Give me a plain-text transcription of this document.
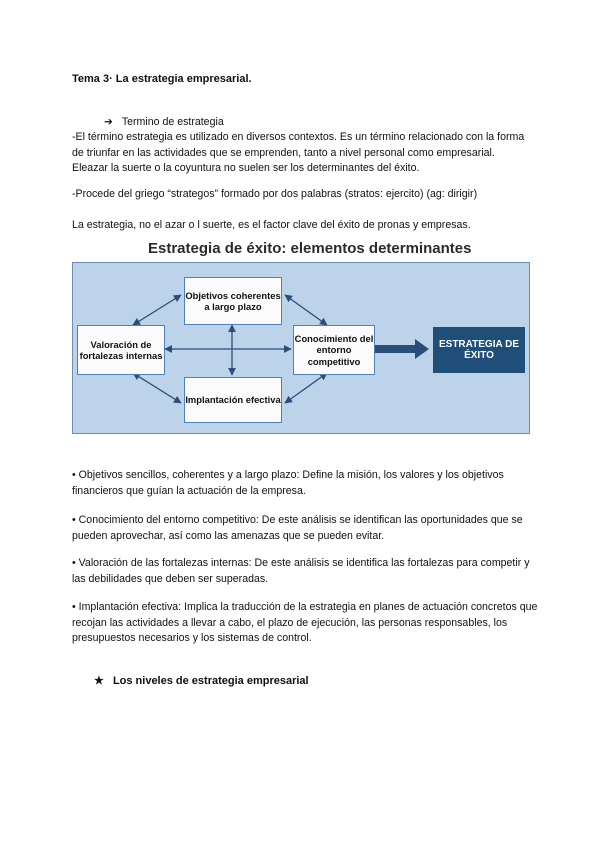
Tema 3· La estrategia empresarial.
➔ Termino de estrategia
-El término estrategia es utilizado en diversos contextos. Es un término relacionado con la forma de triunfar en las actividades que se emprenden, tanto a nivel personal como empresarial. Eleazar la suerte o la coyuntura no suelen ser los determinantes del éxito.
-Procede del griego “strategos” formado por dos palabras (stratos: ejercito) (ag: dirigir)
La estrategia, no el azar o l suerte, es el factor clave del éxito de pronas y empresas.
Estrategia de éxito: elementos determinantes
Objetivos coherentes a largo plazo
Valoración de fortalezas internas
Conocimiento del entorno competitivo
Implantación efectiva
ESTRATEGIA DE ÉXITO
• Objetivos sencillos, coherentes y a largo plazo: Define la misión, los valores y los objetivos financieros que guían la actuación de la empresa.
• Conocimiento del entorno competitivo: De este análisis se identifican las oportunidades que se pueden aprovechar, así como las amenazas que se pueden evitar.
• Valoración de las fortalezas internas: De este análisis se identifica las fortalezas para competir y las debilidades que deben ser superadas.
• Implantación efectiva: Implica la traducción de la estrategia en planes de actuación concretos que recojan las actividades a llevar a cabo, el plazo de ejecución, las personas responsables, los presupuestos necesarios y los sistemas de control.
★ Los niveles de estrategia empresarial
